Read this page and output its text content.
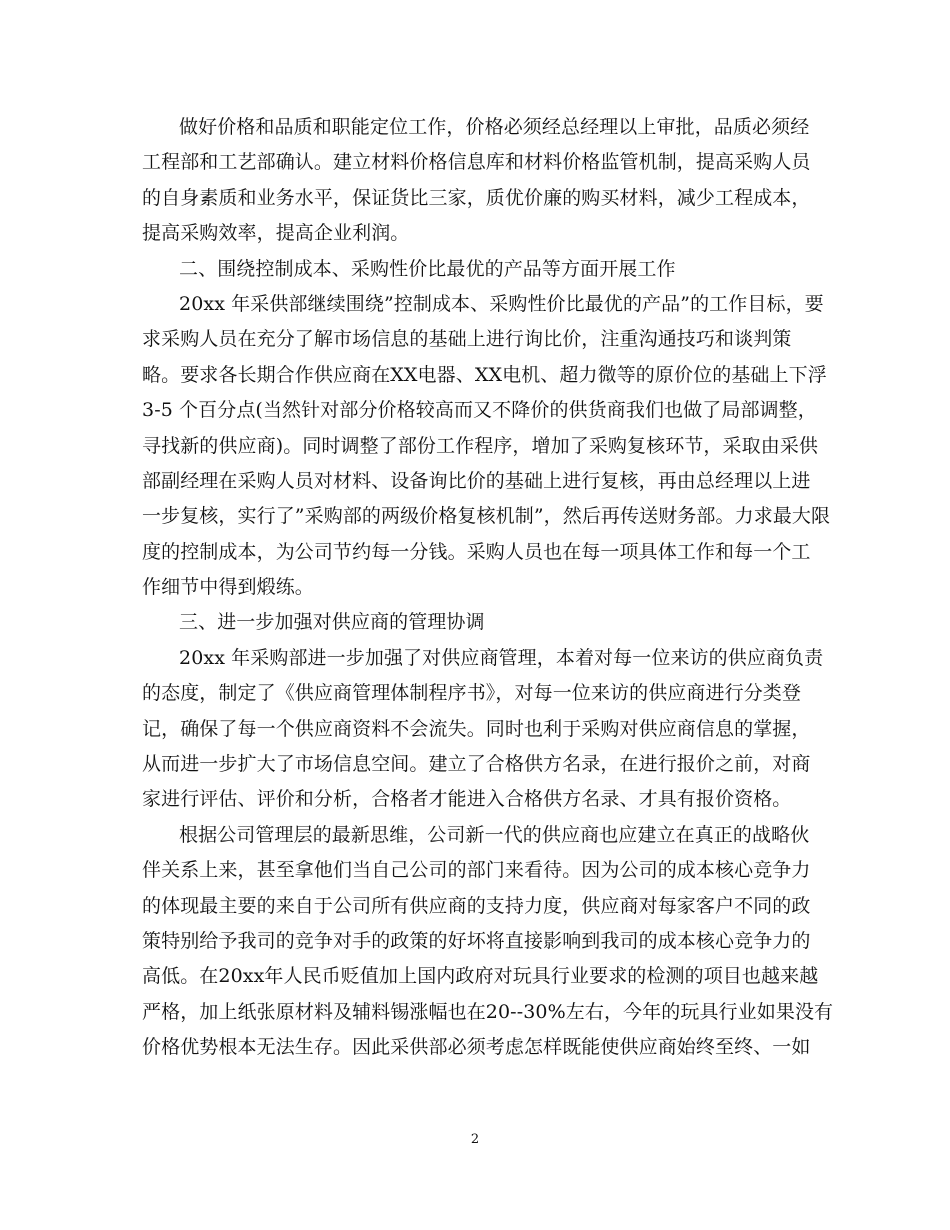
做好价格和品质和职能定位工作，价格必须经总经理以上审批，品质必须经
工程部和工艺部确认。建立材料价格信息库和材料价格监管机制，提高采购人员
的自身素质和业务水平，保证货比三家，质优价廉的购买材料，减少工程成本，
提高采购效率，提高企业利润。
二、围绕控制成本、采购性价比最优的产品等方面开展工作
20xx 年采供部继续围绕”控制成本、采购性价比最优的产品”的工作目标，要
求采购人员在充分了解市场信息的基础上进行询比价，注重沟通技巧和谈判策
略。要求各长期合作供应商在XX电器、XX电机、超力微等的原价位的基础上下浮
3-5 个百分点(当然针对部分价格较高而又不降价的供货商我们也做了局部调整，
寻找新的供应商)。同时调整了部份工作程序，增加了采购复核环节，采取由采供
部副经理在采购人员对材料、设备询比价的基础上进行复核，再由总经理以上进
一步复核，实行了”采购部的两级价格复核机制”，然后再传送财务部。力求最大限
度的控制成本，为公司节约每一分钱。采购人员也在每一项具体工作和每一个工
作细节中得到煅练。
三、进一步加强对供应商的管理协调
20xx 年采购部进一步加强了对供应商管理，本着对每一位来访的供应商负责
的态度，制定了《供应商管理体制程序书》，对每一位来访的供应商进行分类登
记，确保了每一个供应商资料不会流失。同时也利于采购对供应商信息的掌握，
从而进一步扩大了市场信息空间。建立了合格供方名录，在进行报价之前，对商
家进行评估、评价和分析，合格者才能进入合格供方名录、才具有报价资格。
根据公司管理层的最新思维，公司新一代的供应商也应建立在真正的战略伙
伴关系上来，甚至拿他们当自己公司的部门来看待。因为公司的成本核心竞争力
的体现最主要的来自于公司所有供应商的支持力度，供应商对每家客户不同的政
策特别给予我司的竞争对手的政策的好坏将直接影响到我司的成本核心竞争力的
高低。在20xx年人民币贬值加上国内政府对玩具行业要求的检测的项目也越来越
严格，加上纸张原材料及辅料锡涨幅也在20--30%左右，今年的玩具行业如果没有
价格优势根本无法生存。因此采供部必须考虑怎样既能使供应商始终至终、一如
2
